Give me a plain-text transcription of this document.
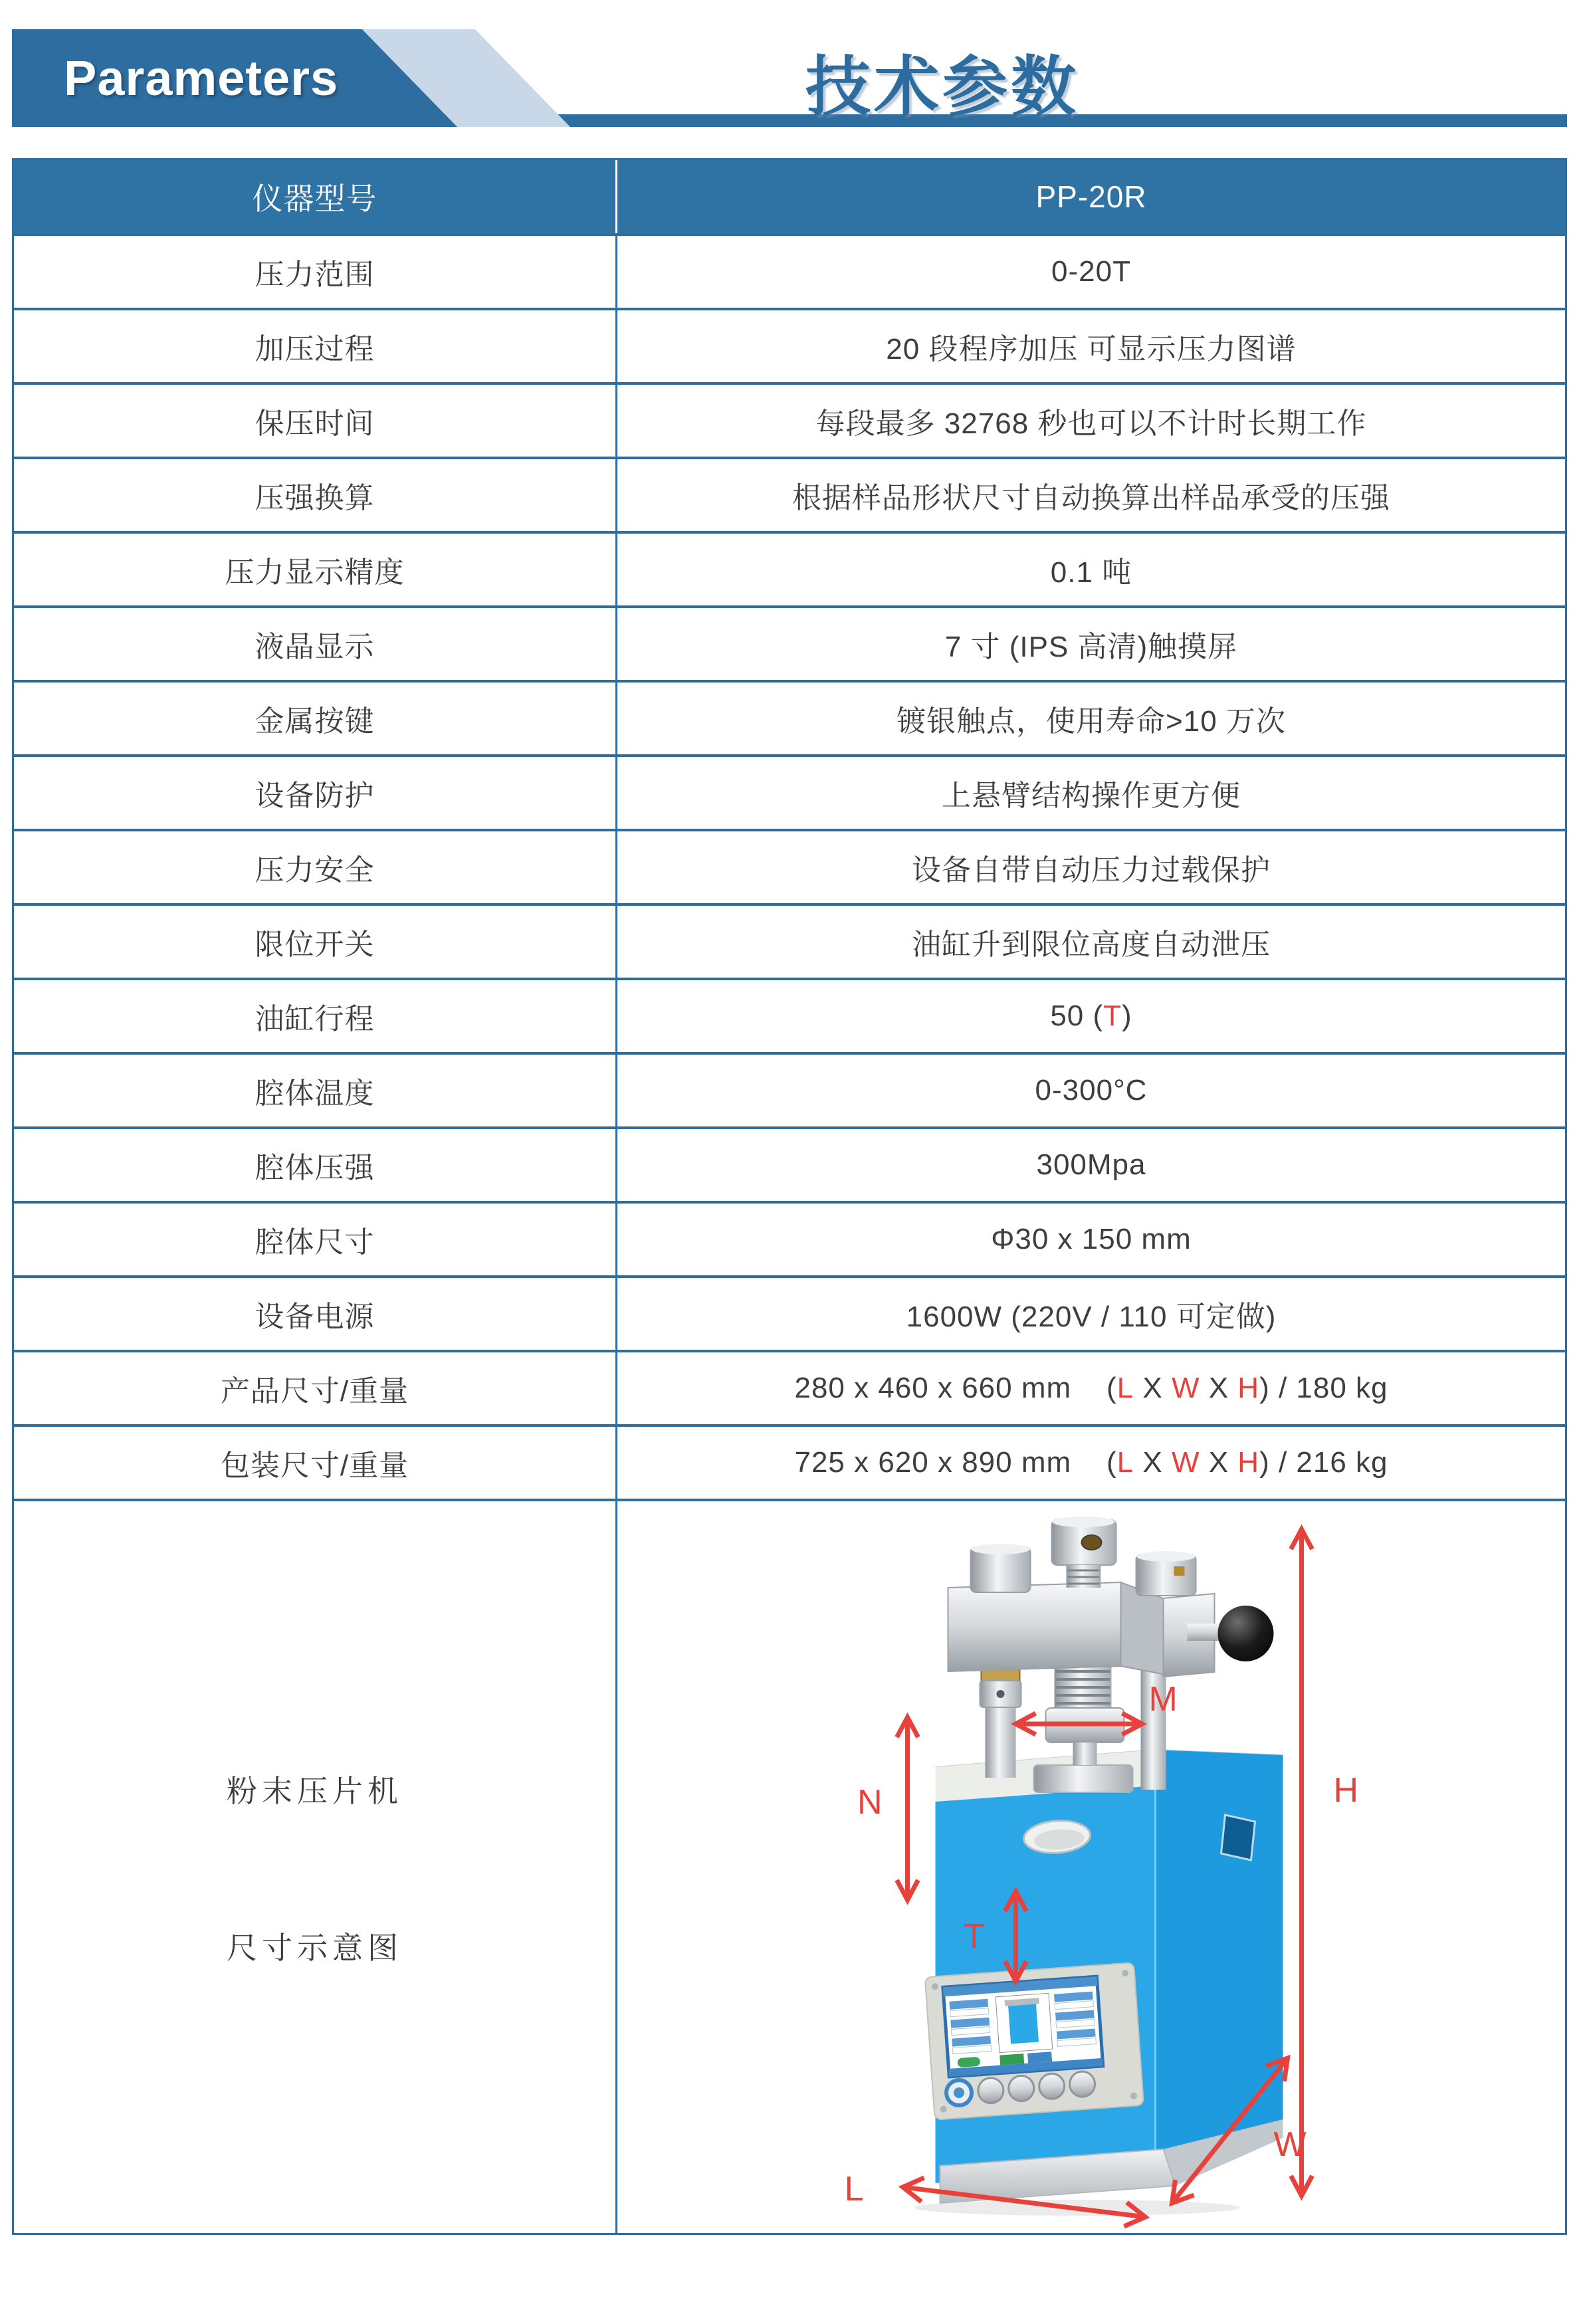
Parameters	技术参数
仪器型号	PP-20R
压力范围	0-20T
加压过程	20 段程序加压 可显示压力图谱
保压时间	每段最多 32768 秒也可以不计时长期工作
压强换算	根据样品形状尺寸自动换算出样品承受的压强
压力显示精度	0.1 吨
液晶显示	7 寸 (IPS 高清)触摸屏
金属按键	镀银触点，使用寿命>10 万次
设备防护	上悬臂结构操作更方便
压力安全	设备自带自动压力过载保护
限位开关	油缸升到限位高度自动泄压
油缸行程	50 ( T )
腔体温度	0-300°C
腔体压强	300Mpa
腔体尺寸	Φ30 x 150 mm
设备电源	1600W (220V / 110 可定做)
产品尺寸/重量	280 x 460 x 660 mm    ( L X W X H ) / 180 kg
包装尺寸/重量	725 x 620 x 890 mm    ( L X W X H ) / 216 kg
粉末压片机
尺寸示意图
M
N
T
H
W
L
